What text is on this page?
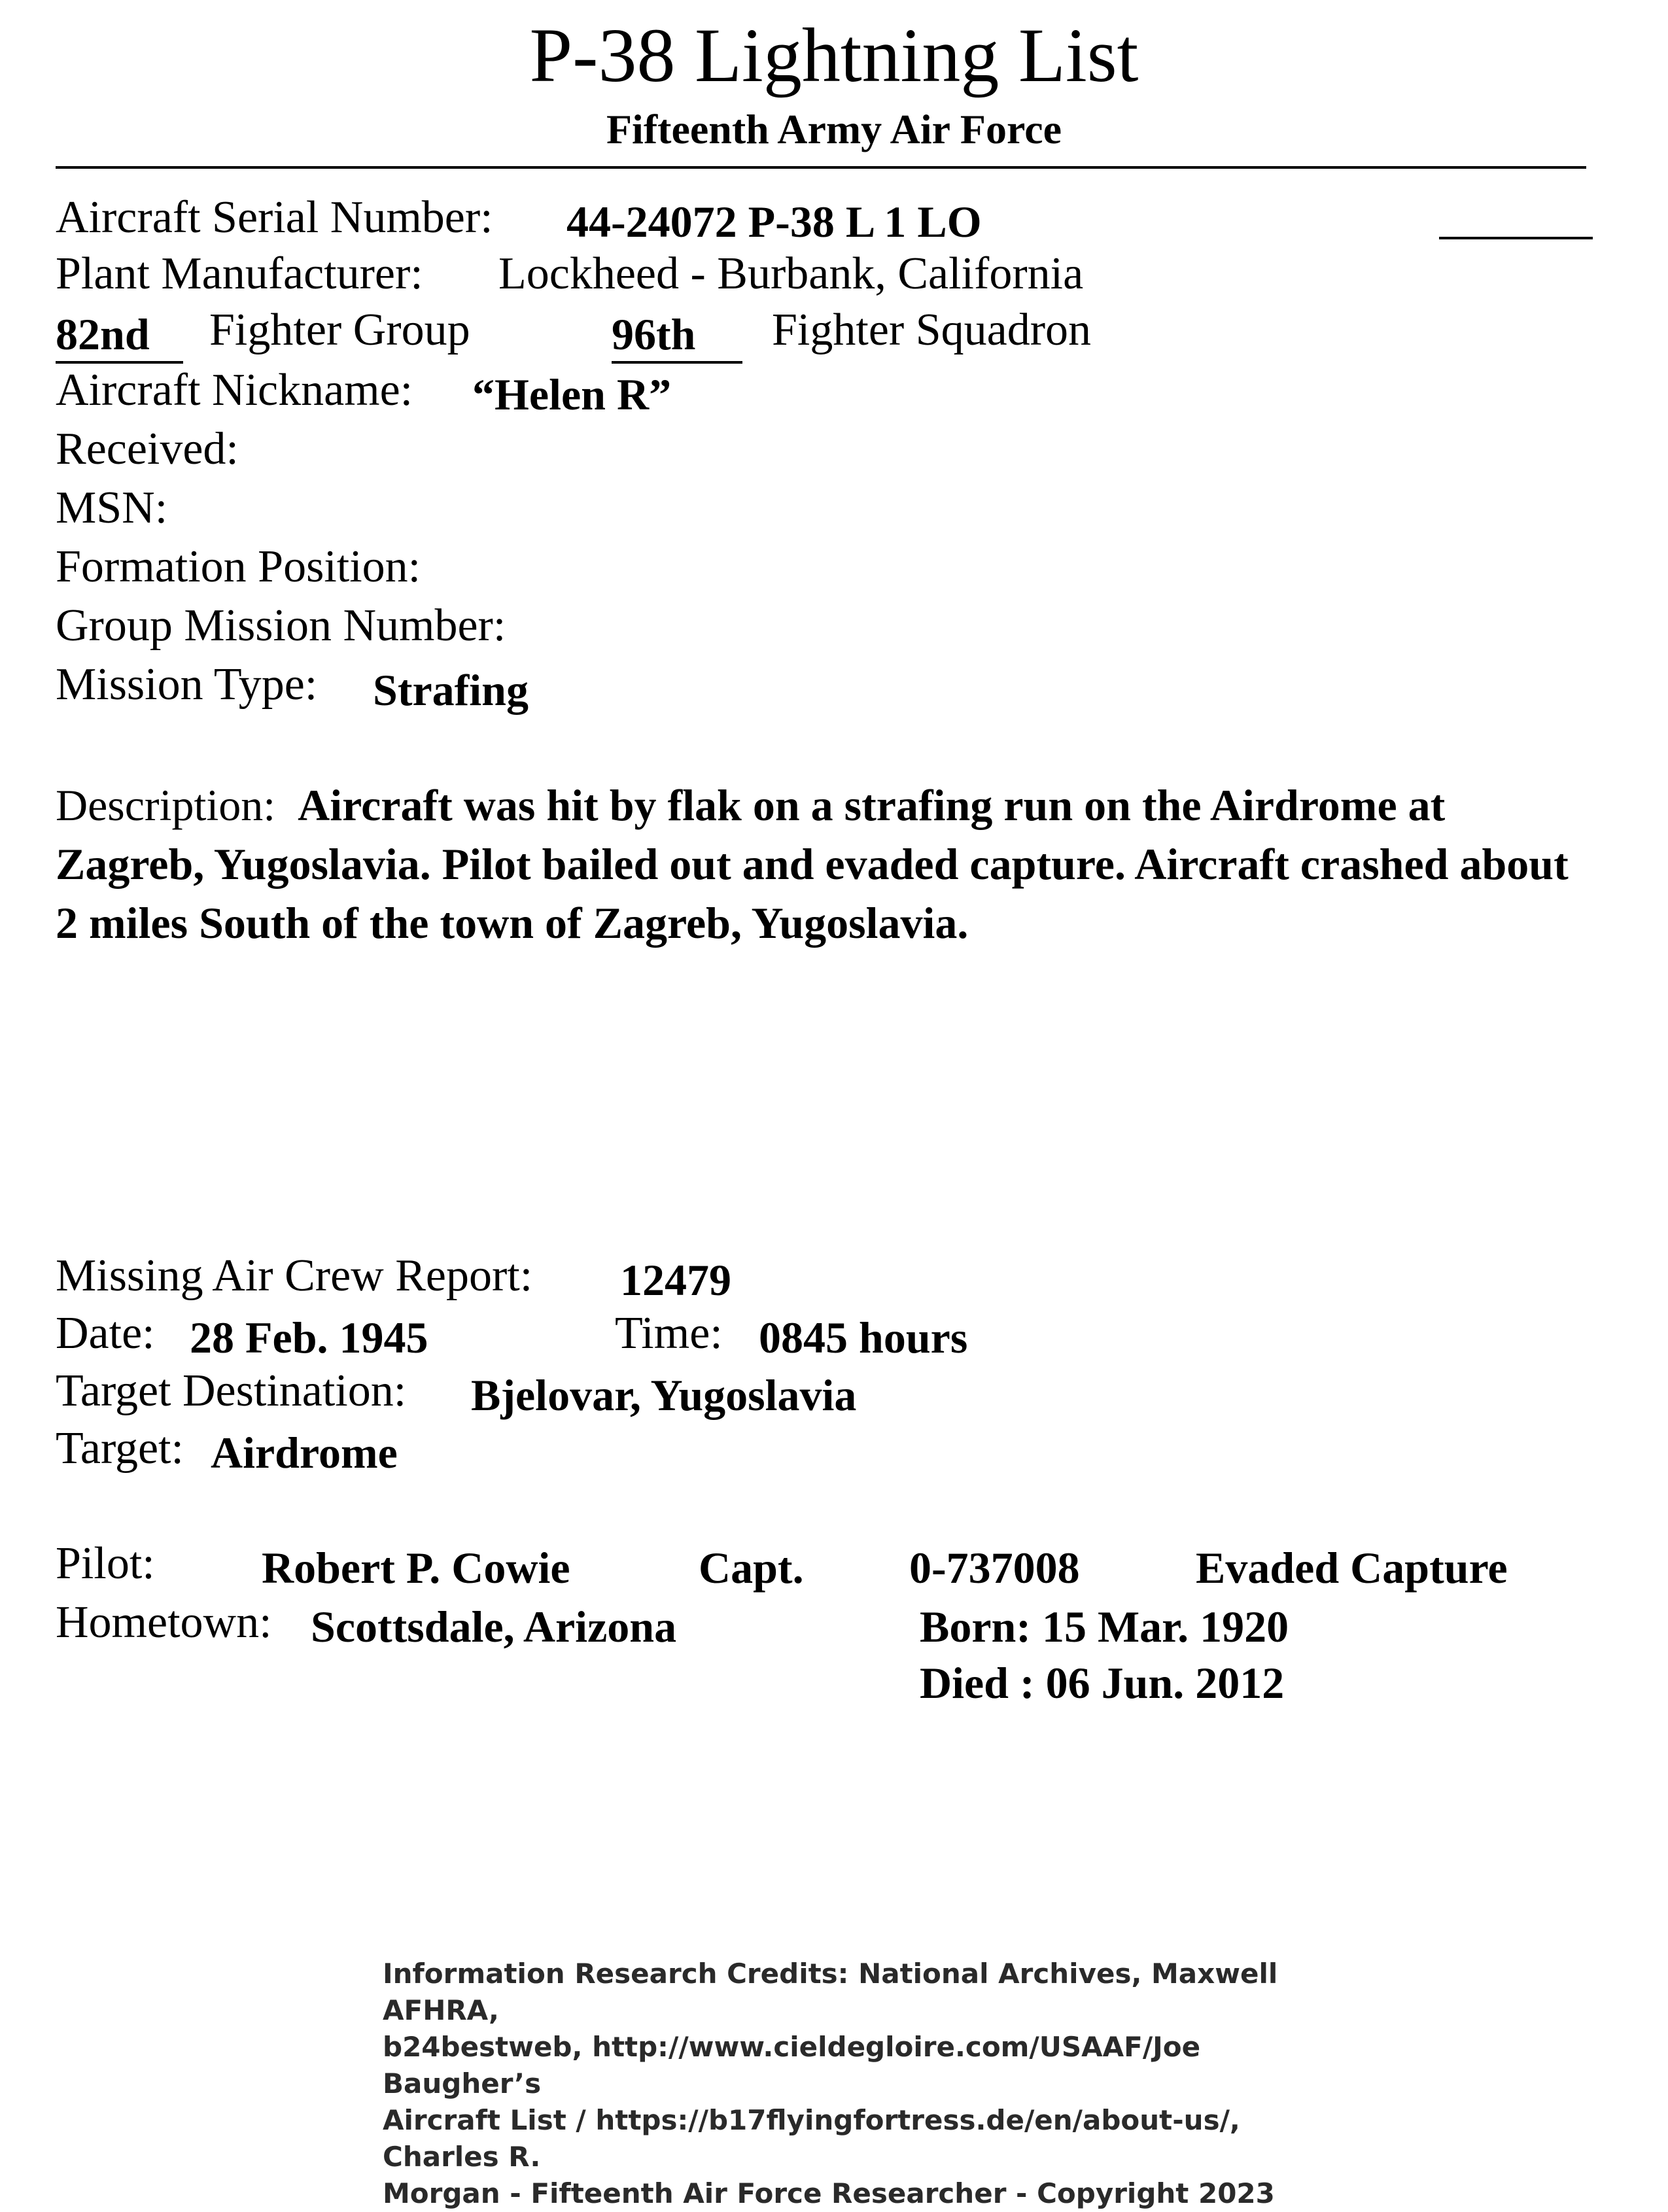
P-38 Lightning List
Fifteenth Army Air Force
Aircraft Serial Number: 44-24072 P-38 L 1 LO
Plant Manufacturer: Lockheed - Burbank, California
82nd	Fighter Group	96th	Fighter Squadron
Aircraft Nickname: “Helen R”
Received:
MSN:
Formation Position:
Group Mission Number:
Mission Type: Strafing
Description: Aircraft was hit by flak on a strafing run on the Airdrome at Zagreb, Yugoslavia. Pilot bailed out and evaded capture. Aircraft crashed about 2 miles South of the town of Zagreb, Yugoslavia.
Missing Air Crew Report: 12479
Date: 28 Feb. 1945	Time: 0845 hours
Target Destination: Bjelovar, Yugoslavia
Target: Airdrome
Pilot: Robert P. Cowie	Capt. 0-737008	Evaded Capture
Hometown: Scottsdale, Arizona	Born: 15 Mar. 1920
Died : 06 Jun. 2012
Information Research Credits: National Archives, Maxwell AFHRA,
b24bestweb, http://www.cieldegloire.com/USAAF/Joe Baugher’s
Aircraft List / https://b17flyingfortress.de/en/about-us/, Charles R.
Morgan - Fifteenth Air Force Researcher - Copyright 2023
